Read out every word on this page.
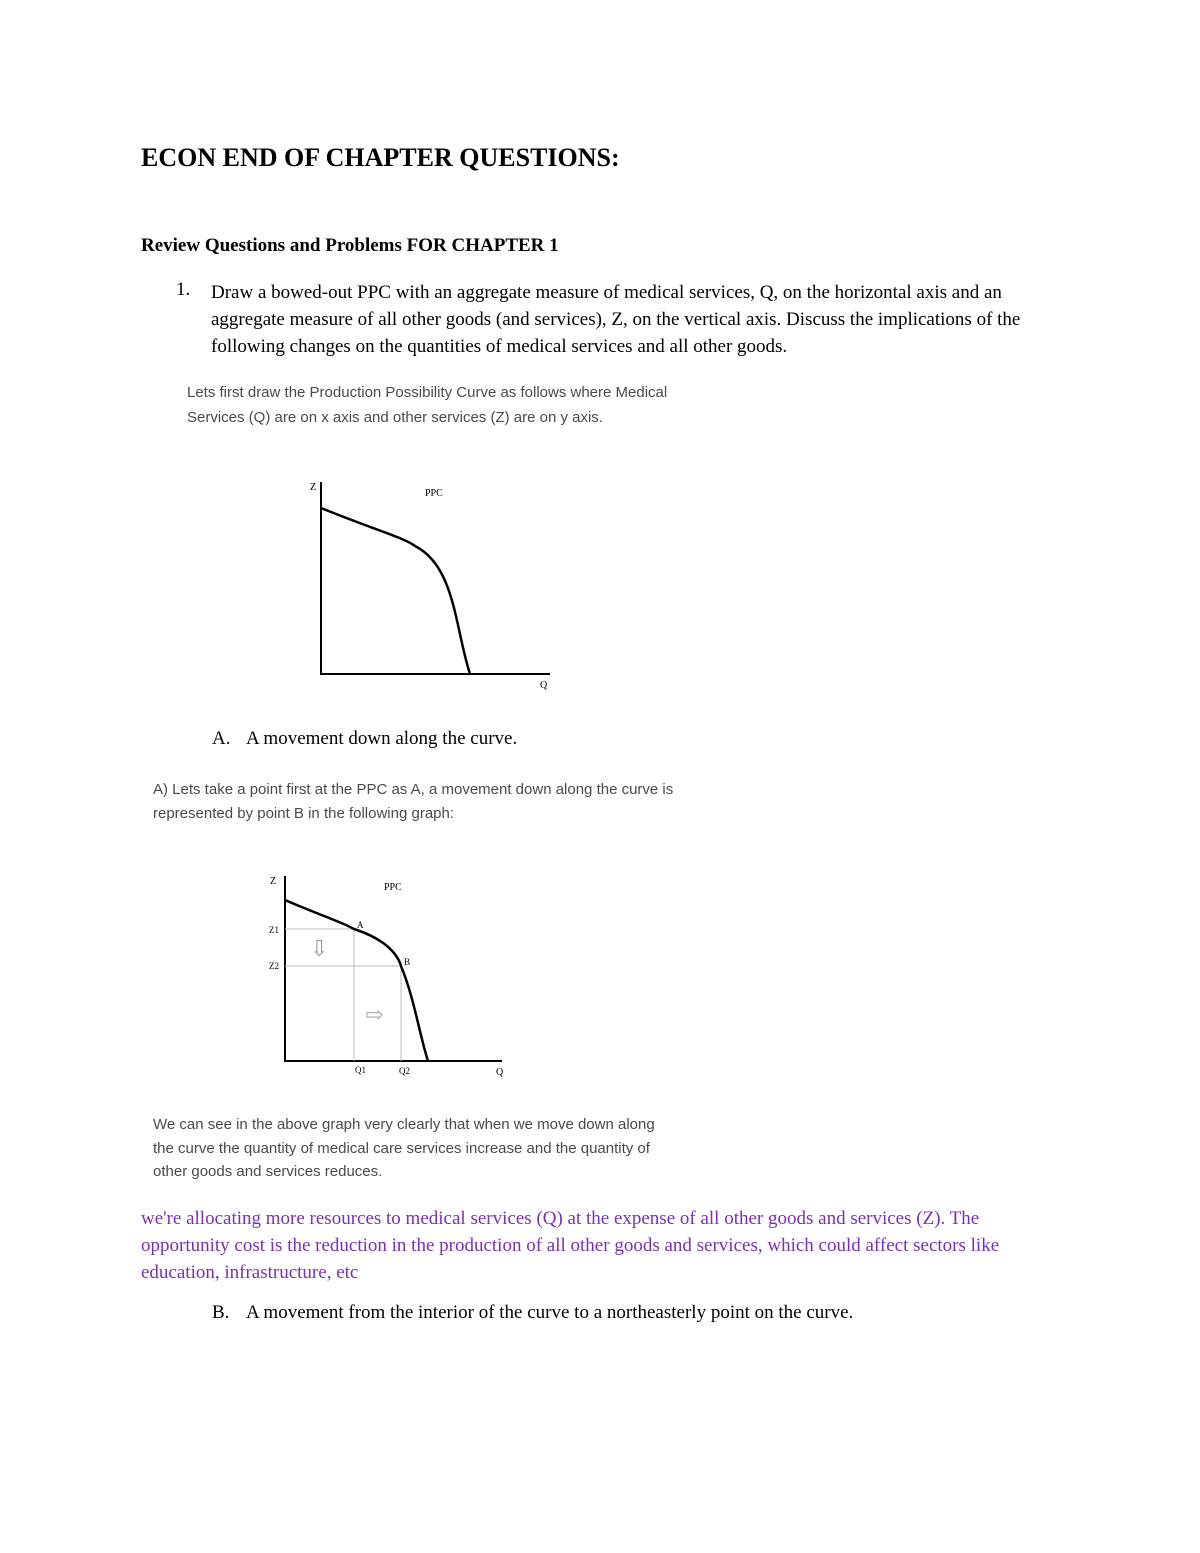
ECON END OF CHAPTER QUESTIONS:
Review Questions and Problems FOR CHAPTER 1
1. Draw a bowed-out PPC with an aggregate measure of medical services, Q, on the horizontal axis and an aggregate measure of all other goods (and services), Z, on the vertical axis. Discuss the implications of the following changes on the quantities of medical services and all other goods.
Lets first draw the Production Possibility Curve as follows where Medical
Services (Q) are on x axis and other services (Z) are on y axis.
Z
PPC
Q
A. A movement down along the curve.
A) Lets take a point first at the PPC as A, a movement down along the curve is
represented by point B in the following graph:
Z
PPC
Z1
Z2
A
B
⇩
⇨
Q1	Q2	Q
We can see in the above graph very clearly that when we move down along
the curve the quantity of medical care services increase and the quantity of
other goods and services reduces.
we're allocating more resources to medical services (Q) at the expense of all other goods and services (Z). The opportunity cost is the reduction in the production of all other goods and services, which could affect sectors like education, infrastructure, etc
B. A movement from the interior of the curve to a northeasterly point on the curve.
